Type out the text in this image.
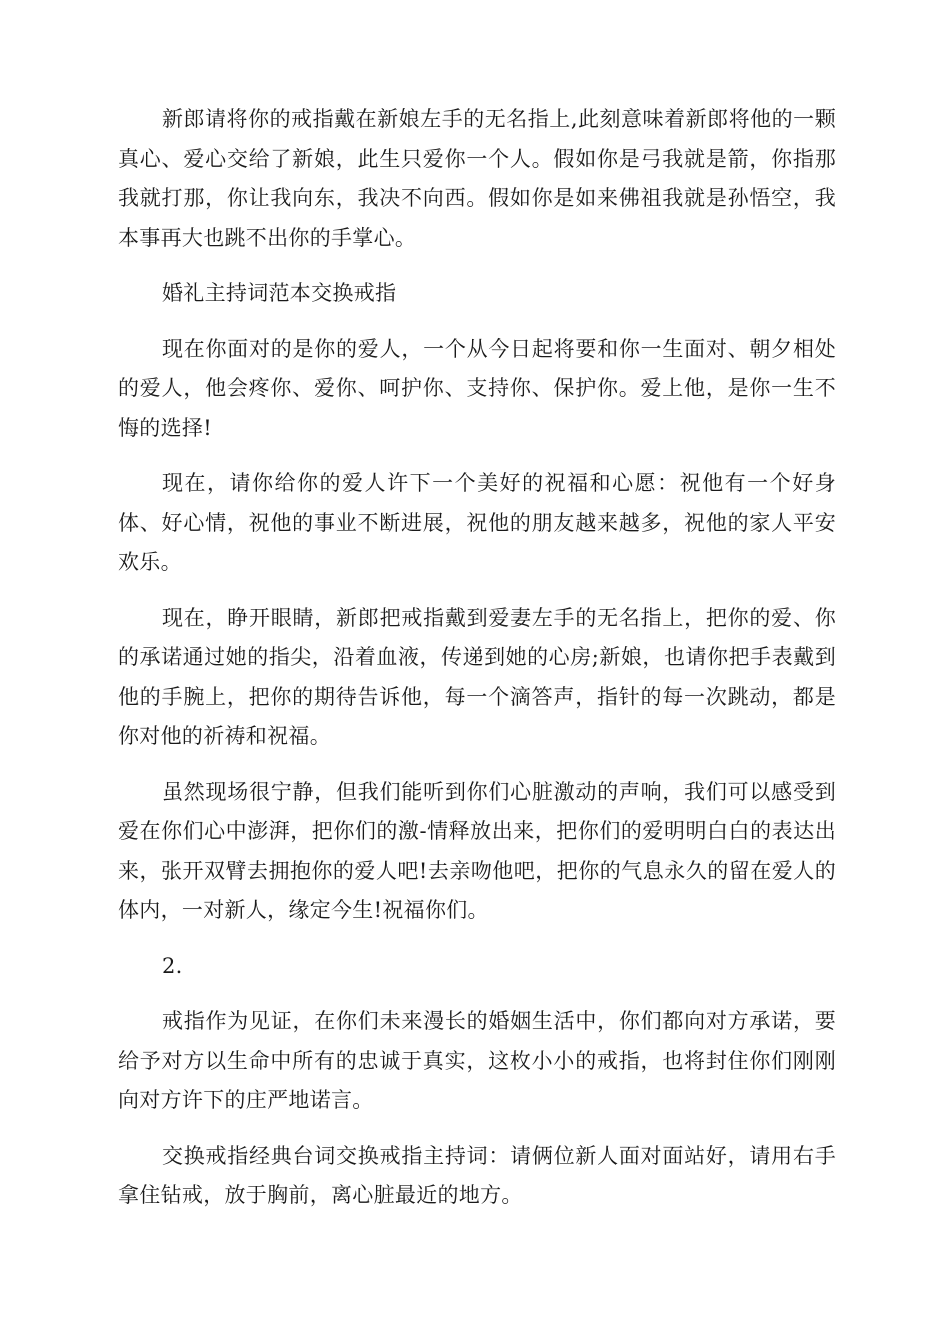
新郎请将你的戒指戴在新娘左手的无名指上,此刻意味着新郎将他的一颗真心、爱心交给了新娘，此生只爱你一个人。假如你是弓我就是箭，你指那我就打那，你让我向东，我决不向西。假如你是如来佛祖我就是孙悟空，我本事再大也跳不出你的手掌心。

婚礼主持词范本交换戒指

现在你面对的是你的爱人，一个从今日起将要和你一生面对、朝夕相处的爱人，他会疼你、爱你、呵护你、支持你、保护你。爱上他，是你一生不悔的选择!

现在，请你给你的爱人许下一个美好的祝福和心愿：祝他有一个好身体、好心情，祝他的事业不断进展，祝他的朋友越来越多，祝他的家人平安欢乐。

现在，睁开眼睛，新郎把戒指戴到爱妻左手的无名指上，把你的爱、你的承诺通过她的指尖，沿着血液，传递到她的心房;新娘，也请你把手表戴到他的手腕上，把你的期待告诉他，每一个滴答声，指针的每一次跳动，都是你对他的祈祷和祝福。

虽然现场很宁静，但我们能听到你们心脏激动的声响，我们可以感受到爱在你们心中澎湃，把你们的激-情释放出来，把你们的爱明明白白的表达出来，张开双臂去拥抱你的爱人吧!去亲吻他吧，把你的气息永久的留在爱人的体内，一对新人，缘定今生!祝福你们。

2.

戒指作为见证，在你们未来漫长的婚姻生活中，你们都向对方承诺，要给予对方以生命中所有的忠诚于真实，这枚小小的戒指，也将封住你们刚刚向对方许下的庄严地诺言。

交换戒指经典台词交换戒指主持词：请俩位新人面对面站好，请用右手拿住钻戒，放于胸前，离心脏最近的地方。
